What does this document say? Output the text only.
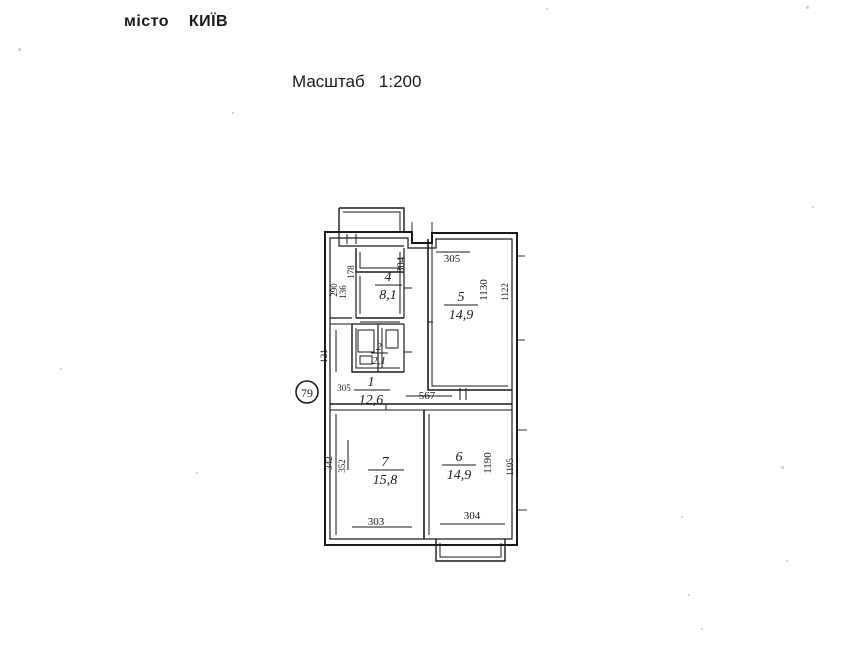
місто    КИЇВ
Масштаб   1:200
79
4
8,1	5
14,9
2
2,1
1
12,6
7
15,8
6
14,9
304	305
1130 1122
178
136
290
121
567
303	304
1190 1195
342 352
305
